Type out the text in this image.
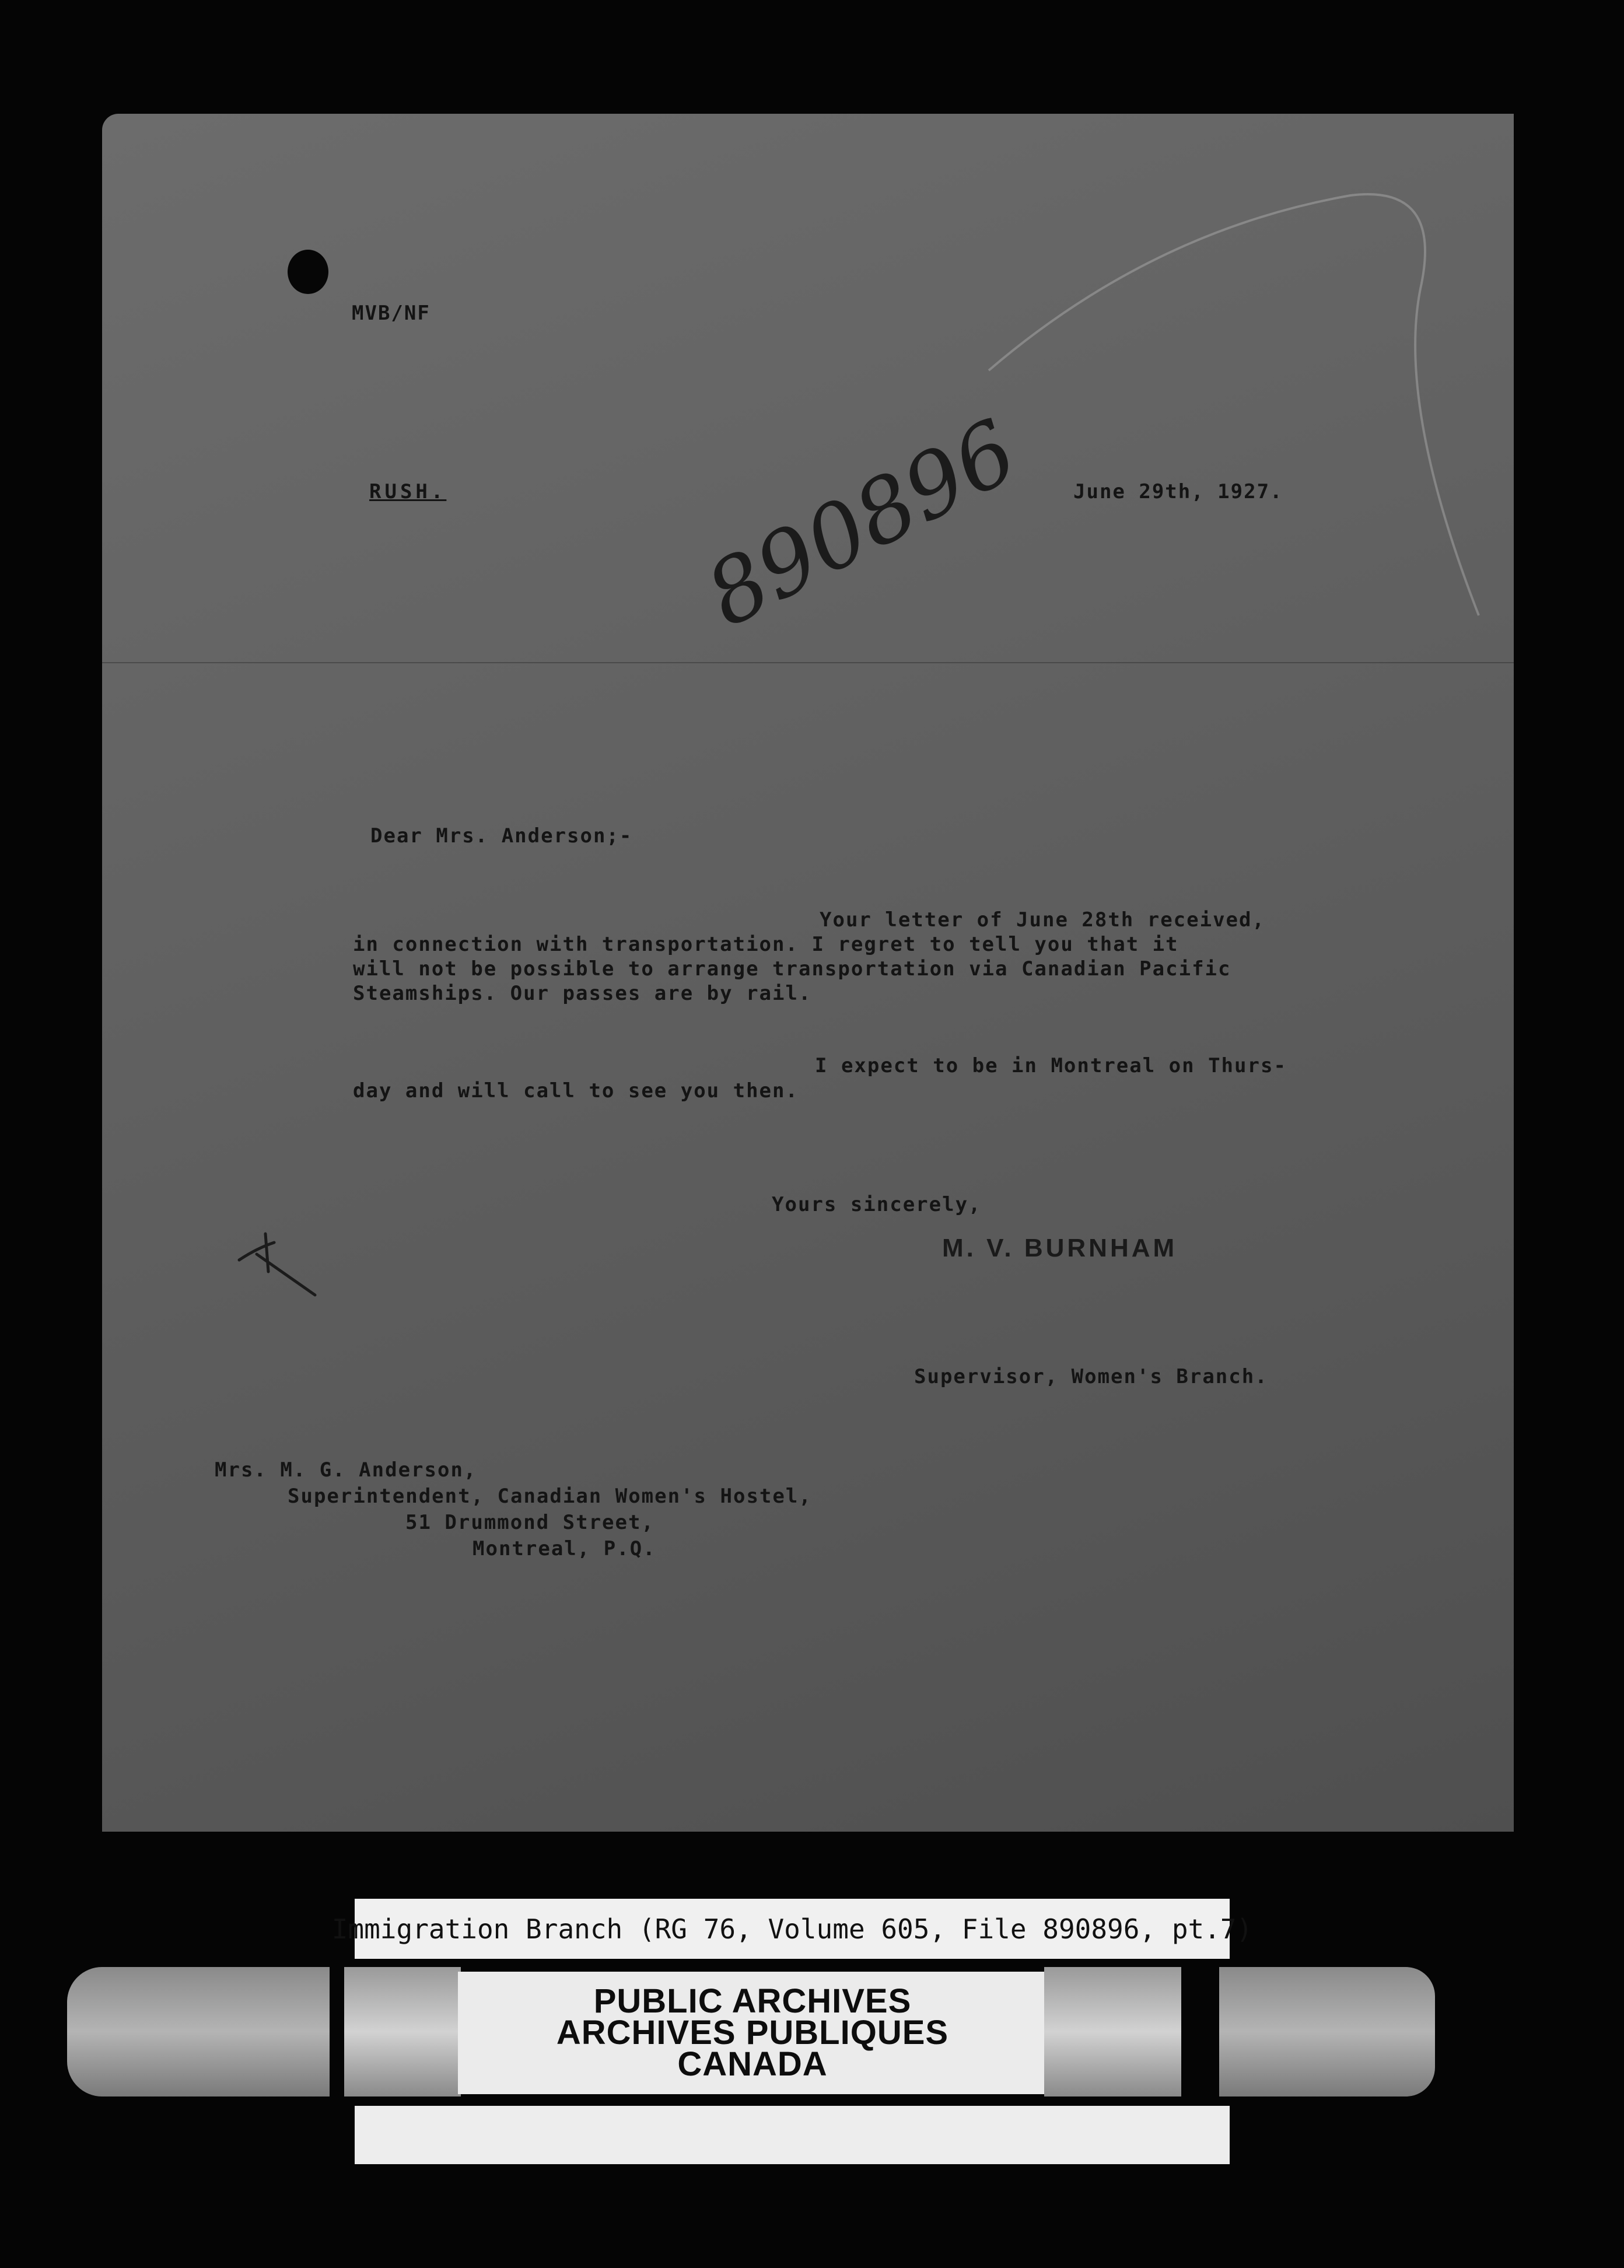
MVB/NF
RUSH.	June 29th, 1927.
890896
Dear Mrs. Anderson;-
Your letter of June 28th received,
in connection with transportation. I regret to tell you that it
will not be possible to arrange transportation via Canadian Pacific
Steamships. Our passes are by rail.
I expect to be in Montreal on Thurs-
day and will call to see you then.
Yours sincerely,
M. V. BURNHAM
Supervisor, Women's Branch.
Mrs. M. G. Anderson,
Superintendent, Canadian Women's Hostel,
51 Drummond Street,
Montreal, P.Q.
Immigration Branch (RG 76, Volume 605, File 890896, pt.7)
PUBLIC ARCHIVES
ARCHIVES PUBLIQUES
CANADA
